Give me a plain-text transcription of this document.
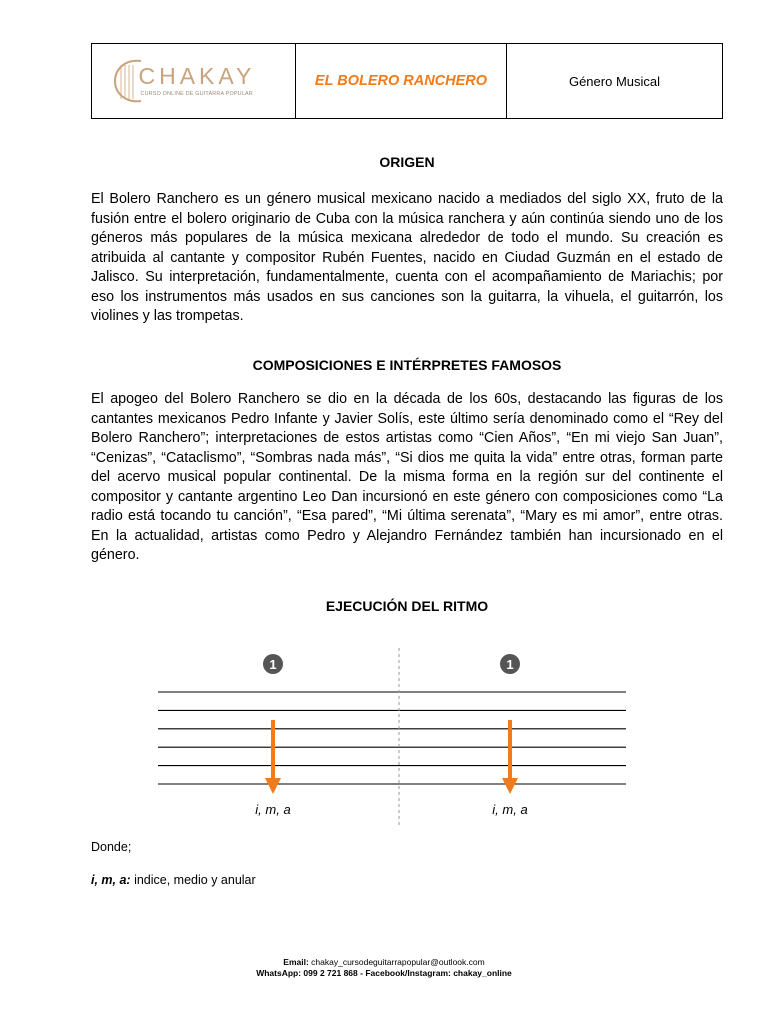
CHAKAY
CURSO ONLINE DE GUITARRA POPULAR
EL BOLERO RANCHERO	Género Musical
ORIGEN

El Bolero Ranchero es un género musical mexicano nacido a mediados del siglo XX, fruto de la fusión entre el bolero originario de Cuba con la música ranchera y aún continúa siendo uno de los géneros más populares de la música mexicana alrededor de todo el mundo. Su creación es atribuida al cantante y compositor Rubén Fuentes, nacido en Ciudad Guzmán en el estado de Jalisco. Su interpretación, fundamentalmente, cuenta con el acompañamiento de Mariachis; por eso los instrumentos más usados en sus canciones son la guitarra, la vihuela, el guitarrón, los violines y las trompetas.

COMPOSICIONES E INTÉRPRETES FAMOSOS

El apogeo del Bolero Ranchero se dio en la década de los 60s, destacando las figuras de los cantantes mexicanos Pedro Infante y Javier Solís, este último sería denominado como el “Rey del Bolero Ranchero”; interpretaciones de estos artistas como “Cien Años”, “En mi viejo San Juan”, “Cenizas”, “Cataclismo”, “Sombras nada más”, “Si dios me quita la vida” entre otras, forman parte del acervo musical popular continental. De la misma forma en la región sur del continente el compositor y cantante argentino Leo Dan incursionó en este género con composiciones como “La radio está tocando tu canción”, “Esa pared”, “Mi última serenata”, “Mary es mi amor”, entre otras. En la actualidad, artistas como Pedro y Alejandro Fernández también han incursionado en el género.

EJECUCIÓN DEL RITMO
1
i, m, a
1
i, m, a
Donde;
i, m, a: indice, medio y anular
Email: chakay_cursodeguitarrapopular@outlook.com
WhatsApp: 099 2 721 868 - Facebook/Instagram: chakay_online
